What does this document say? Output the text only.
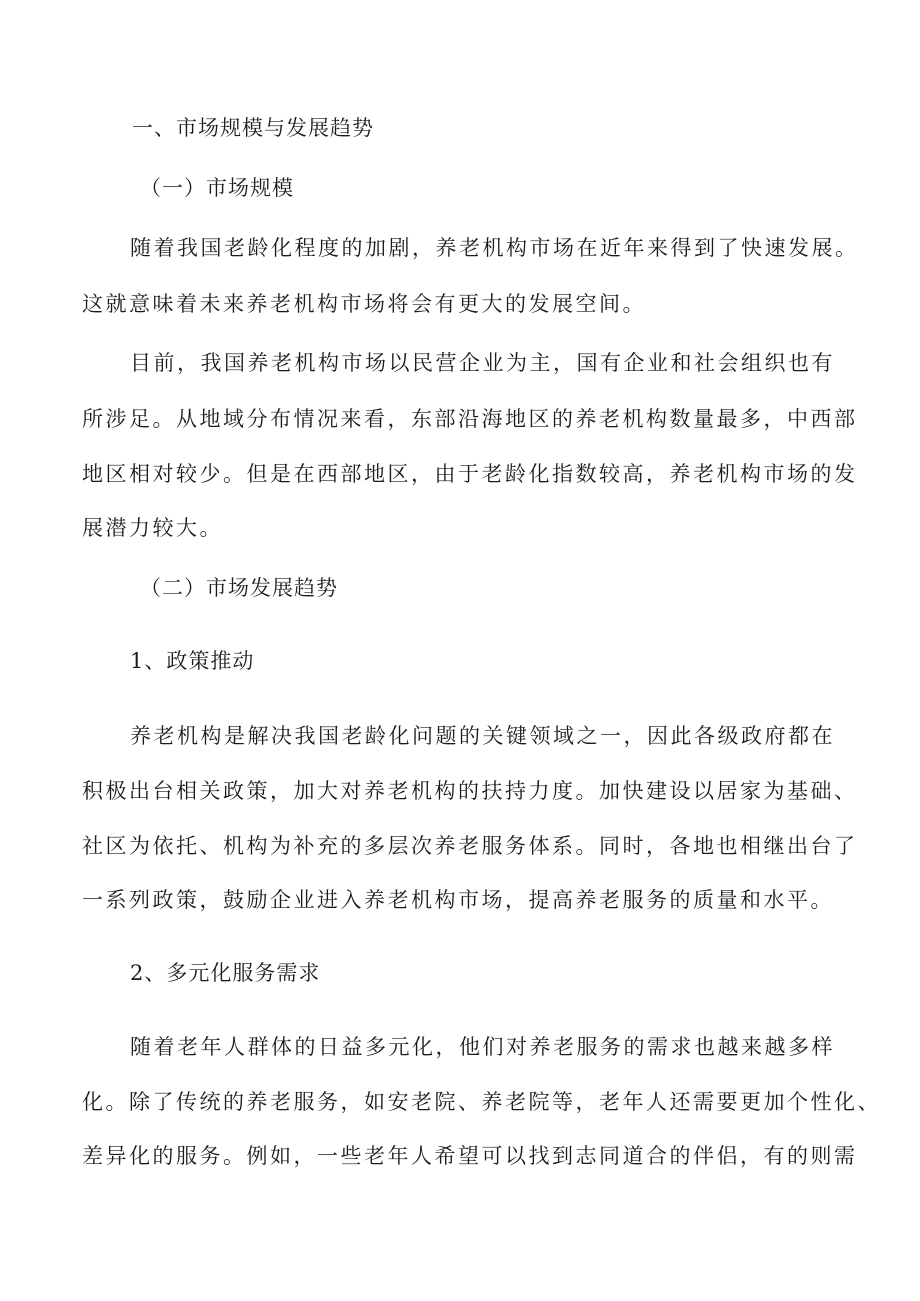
一、市场规模与发展趋势
（一）市场规模
随着我国老龄化程度的加剧，养老机构市场在近年来得到了快速发展。
这就意味着未来养老机构市场将会有更大的发展空间。
目前，我国养老机构市场以民营企业为主，国有企业和社会组织也有
所涉足。从地域分布情况来看，东部沿海地区的养老机构数量最多，中西部
地区相对较少。但是在西部地区，由于老龄化指数较高，养老机构市场的发
展潜力较大。
（二）市场发展趋势
1、政策推动
养老机构是解决我国老龄化问题的关键领域之一，因此各级政府都在
积极出台相关政策，加大对养老机构的扶持力度。加快建设以居家为基础、
社区为依托、机构为补充的多层次养老服务体系。同时，各地也相继出台了
一系列政策，鼓励企业进入养老机构市场，提高养老服务的质量和水平。
2、多元化服务需求
随着老年人群体的日益多元化，他们对养老服务的需求也越来越多样
化。除了传统的养老服务，如安老院、养老院等，老年人还需要更加个性化、
差异化的服务。例如，一些老年人希望可以找到志同道合的伴侣，有的则需
